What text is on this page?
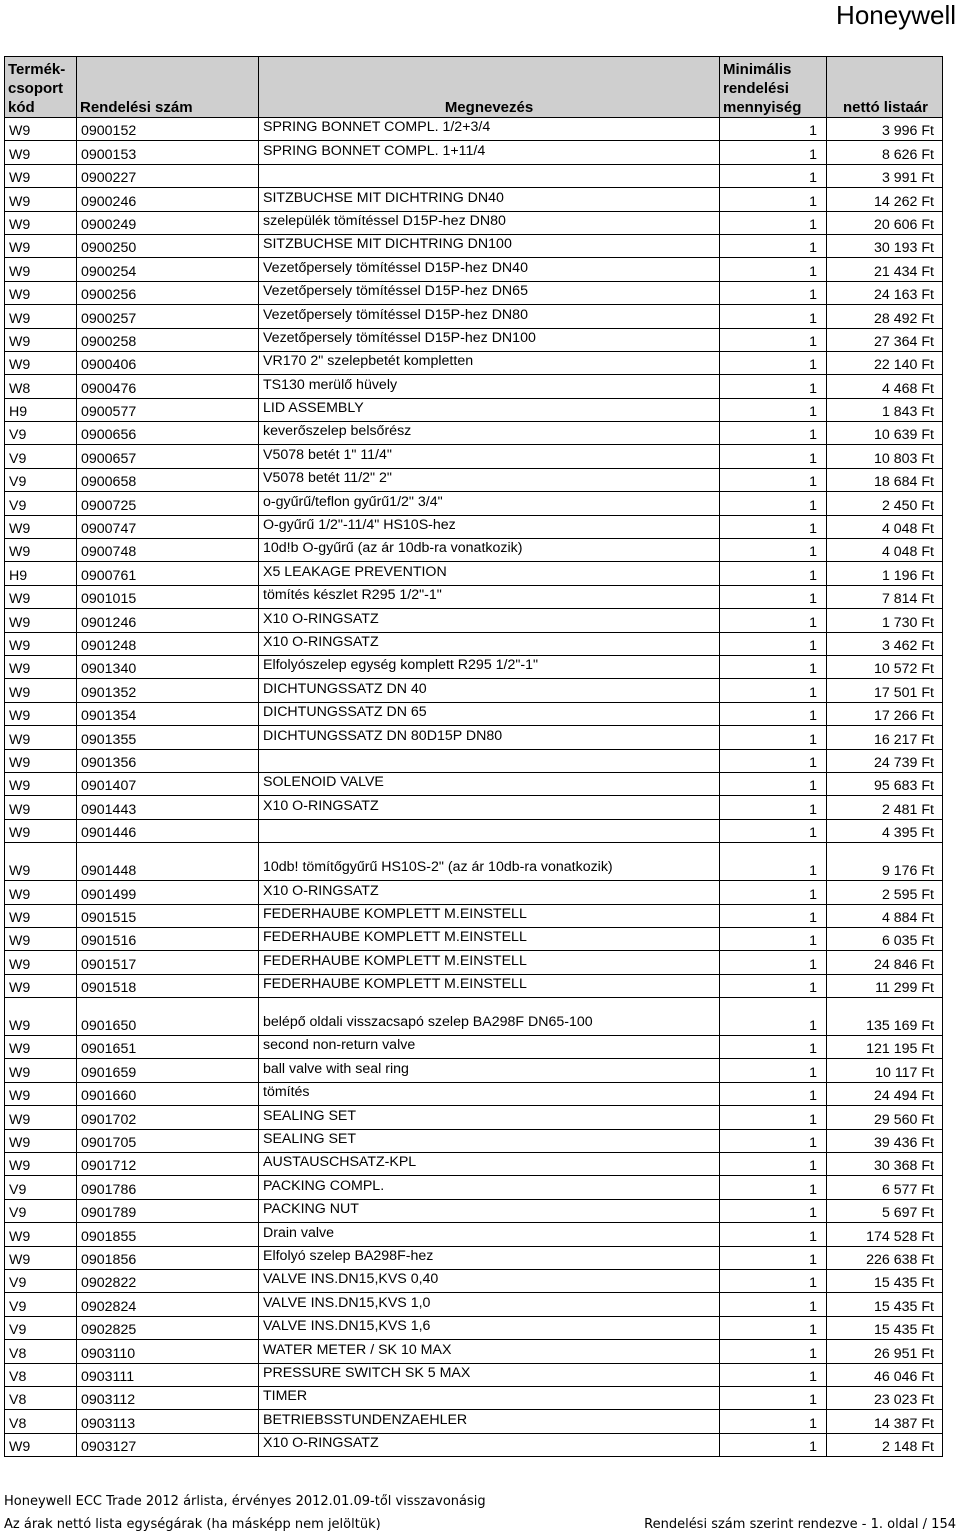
Honeywell
Termék-
csoport
kód	Rendelési szám	Megnevezés	Minimális
rendelési
mennyiség	nettó listaár
W9	0900152	SPRING BONNET COMPL. 1/2+3/4	1	3 996 Ft
W9	0900153	SPRING BONNET COMPL. 1+11/4	1	8 626 Ft
W9	0900227		1	3 991 Ft
W9	0900246	SITZBUCHSE MIT DICHTRING DN40	1	14 262 Ft
W9	0900249	szelepülék tömítéssel D15P-hez DN80	1	20 606 Ft
W9	0900250	SITZBUCHSE MIT DICHTRING DN100	1	30 193 Ft
W9	0900254	Vezetőpersely tömítéssel D15P-hez DN40	1	21 434 Ft
W9	0900256	Vezetőpersely tömítéssel D15P-hez DN65	1	24 163 Ft
W9	0900257	Vezetőpersely tömítéssel D15P-hez DN80	1	28 492 Ft
W9	0900258	Vezetőpersely tömítéssel D15P-hez DN100	1	27 364 Ft
W9	0900406	VR170 2" szelepbetét kompletten	1	22 140 Ft
W8	0900476	TS130 merülő hüvely	1	4 468 Ft
H9	0900577	LID ASSEMBLY	1	1 843 Ft
V9	0900656	keverőszelep belsőrész	1	10 639 Ft
V9	0900657	V5078 betét 1" 11/4"	1	10 803 Ft
V9	0900658	V5078 betét 11/2" 2"	1	18 684 Ft
V9	0900725	o-gyűrű/teflon gyűrű1/2" 3/4"	1	2 450 Ft
W9	0900747	O-gyűrű 1/2"-11/4" HS10S-hez	1	4 048 Ft
W9	0900748	10d!b O-gyűrű (az ár 10db-ra vonatkozik)	1	4 048 Ft
H9	0900761	X5 LEAKAGE PREVENTION	1	1 196 Ft
W9	0901015	tömítés készlet R295 1/2"-1"	1	7 814 Ft
W9	0901246	X10 O-RINGSATZ	1	1 730 Ft
W9	0901248	X10 O-RINGSATZ	1	3 462 Ft
W9	0901340	Elfolyószelep egység komplett R295 1/2"-1"	1	10 572 Ft
W9	0901352	DICHTUNGSSATZ DN 40	1	17 501 Ft
W9	0901354	DICHTUNGSSATZ DN 65	1	17 266 Ft
W9	0901355	DICHTUNGSSATZ DN 80D15P DN80	1	16 217 Ft
W9	0901356		1	24 739 Ft
W9	0901407	SOLENOID VALVE	1	95 683 Ft
W9	0901443	X10 O-RINGSATZ	1	2 481 Ft
W9	0901446		1	4 395 Ft
W9	0901448	10db! tömítőgyűrű HS10S-2" (az ár 10db-ra vonatkozik)	1	9 176 Ft
W9	0901499	X10 O-RINGSATZ	1	2 595 Ft
W9	0901515	FEDERHAUBE KOMPLETT M.EINSTELL	1	4 884 Ft
W9	0901516	FEDERHAUBE KOMPLETT M.EINSTELL	1	6 035 Ft
W9	0901517	FEDERHAUBE KOMPLETT M.EINSTELL	1	24 846 Ft
W9	0901518	FEDERHAUBE KOMPLETT M.EINSTELL	1	11 299 Ft
W9	0901650	belépő oldali visszacsapó szelep BA298F DN65-100	1	135 169 Ft
W9	0901651	second non-return valve	1	121 195 Ft
W9	0901659	ball valve with seal ring	1	10 117 Ft
W9	0901660	tömítés	1	24 494 Ft
W9	0901702	SEALING SET	1	29 560 Ft
W9	0901705	SEALING SET	1	39 436 Ft
W9	0901712	AUSTAUSCHSATZ-KPL	1	30 368 Ft
V9	0901786	PACKING COMPL.	1	6 577 Ft
V9	0901789	PACKING NUT	1	5 697 Ft
W9	0901855	Drain valve	1	174 528 Ft
W9	0901856	Elfolyó szelep BA298F-hez	1	226 638 Ft
V9	0902822	VALVE INS.DN15,KVS 0,40	1	15 435 Ft
V9	0902824	VALVE INS.DN15,KVS 1,0	1	15 435 Ft
V9	0902825	VALVE INS.DN15,KVS 1,6	1	15 435 Ft
V8	0903110	WATER METER / SK 10 MAX	1	26 951 Ft
V8	0903111	PRESSURE SWITCH SK 5 MAX	1	46 046 Ft
V8	0903112	TIMER	1	23 023 Ft
V8	0903113	BETRIEBSSTUNDENZAEHLER	1	14 387 Ft
W9	0903127	X10 O-RINGSATZ	1	2 148 Ft
Honeywell ECC Trade 2012 árlista, érvényes 2012.01.09-től visszavonásig
Az árak nettó lista egységárak (ha másképp nem jelöltük)	Rendelési szám szerint rendezve - 1. oldal / 154
